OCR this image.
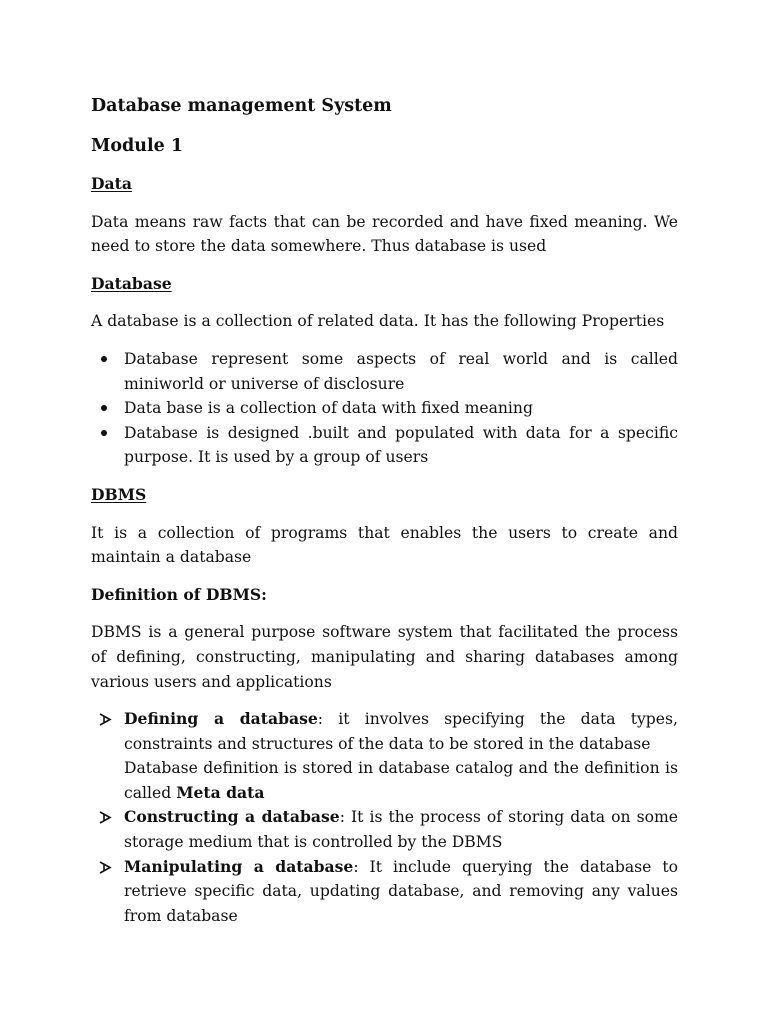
Database management System

Module 1

Data

Data means raw facts that can be recorded and have fixed meaning. We need to store the data somewhere. Thus database is used

Database

A database is a collection of related data. It has the following Properties

Database represent some aspects of real world and is called miniworld or universe of disclosure
Data base is a collection of data with fixed meaning
Database is designed .built and populated with data for a specific purpose. It is used by a group of users

DBMS

It is a collection of programs that enables the users to create and maintain a database

Definition of DBMS:

DBMS is a general purpose software system that facilitated the process of defining, constructing, manipulating and sharing databases among various users and applications

Defining a database: it involves specifying the data types, constraints and structures of the data to be stored in the database
Database definition is stored in database catalog and the definition is called Meta data
Constructing a database: It is the process of storing data on some storage medium that is controlled by the DBMS
Manipulating a database: It include querying the database to retrieve specific data, updating database, and removing any values from database
